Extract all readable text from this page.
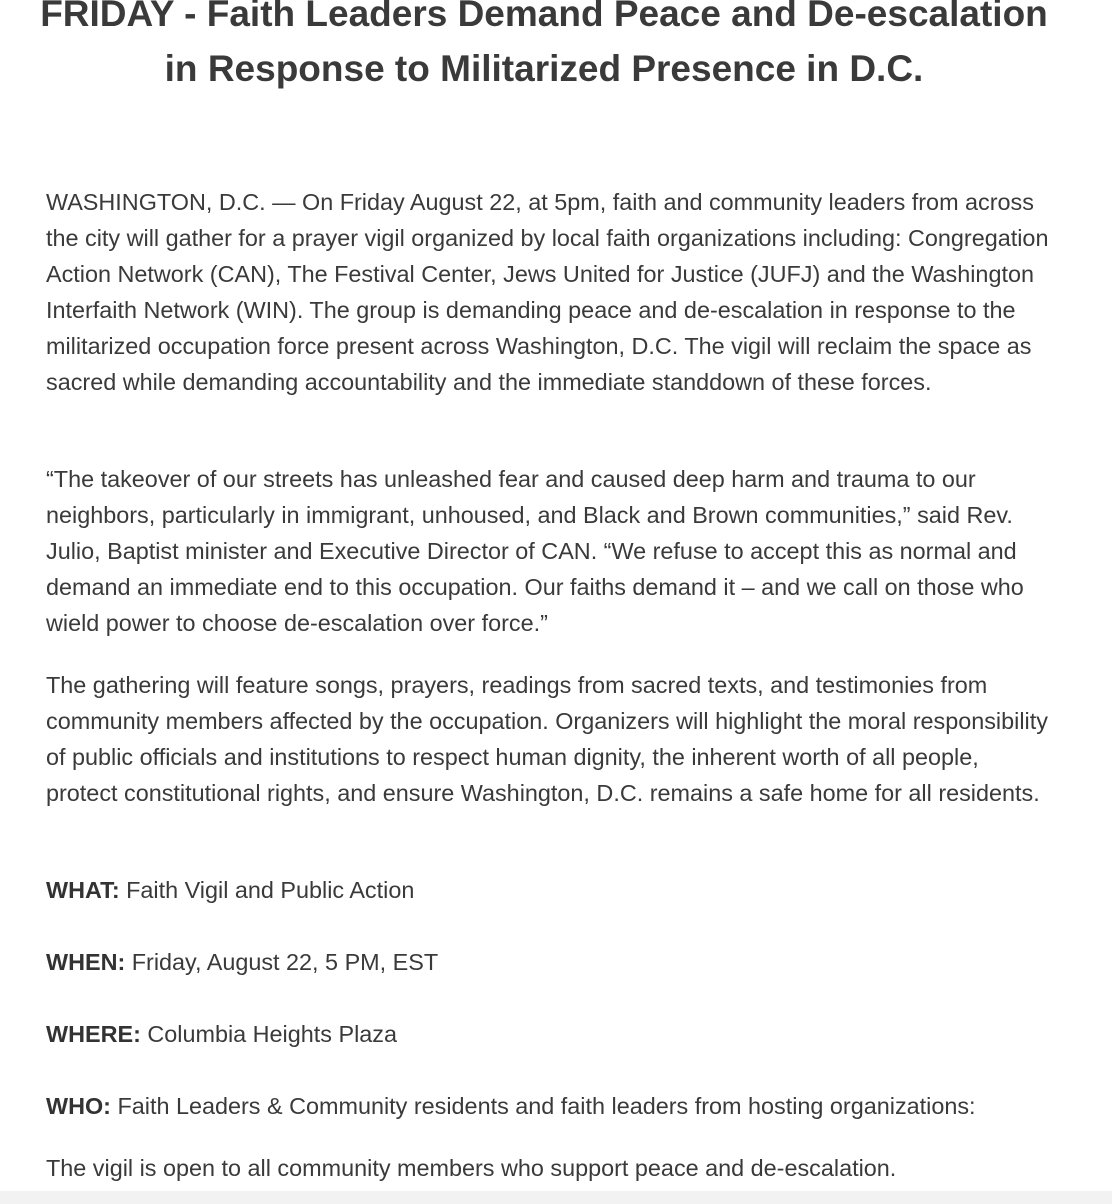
FRIDAY - Faith Leaders Demand Peace and De-escalation in Response to Militarized Presence in D.C.

WASHINGTON, D.C. — On Friday August 22, at 5pm, faith and community leaders from across the city will gather for a prayer vigil organized by local faith organizations including: Congregation Action Network (CAN), The Festival Center, Jews United for Justice (JUFJ) and the Washington Interfaith Network (WIN). The group is demanding peace and de-escalation in response to the militarized occupation force present across Washington, D.C. The vigil will reclaim the space as sacred while demanding accountability and the immediate standdown of these forces.

“The takeover of our streets has unleashed fear and caused deep harm and trauma to our neighbors, particularly in immigrant, unhoused, and Black and Brown communities,” said Rev. Julio, Baptist minister and Executive Director of CAN. “We refuse to accept this as normal and demand an immediate end to this occupation. Our faiths demand it – and we call on those who wield power to choose de-escalation over force.”

The gathering will feature songs, prayers, readings from sacred texts, and testimonies from community members affected by the occupation. Organizers will highlight the moral responsibility of public officials and institutions to respect human dignity, the inherent worth of all people, protect constitutional rights, and ensure Washington, D.C. remains a safe home for all residents.

WHAT: Faith Vigil and Public Action

WHEN: Friday, August 22, 5 PM, EST

WHERE: Columbia Heights Plaza

WHO: Faith Leaders & Community residents and faith leaders from hosting organizations:

The vigil is open to all community members who support peace and de-escalation.
